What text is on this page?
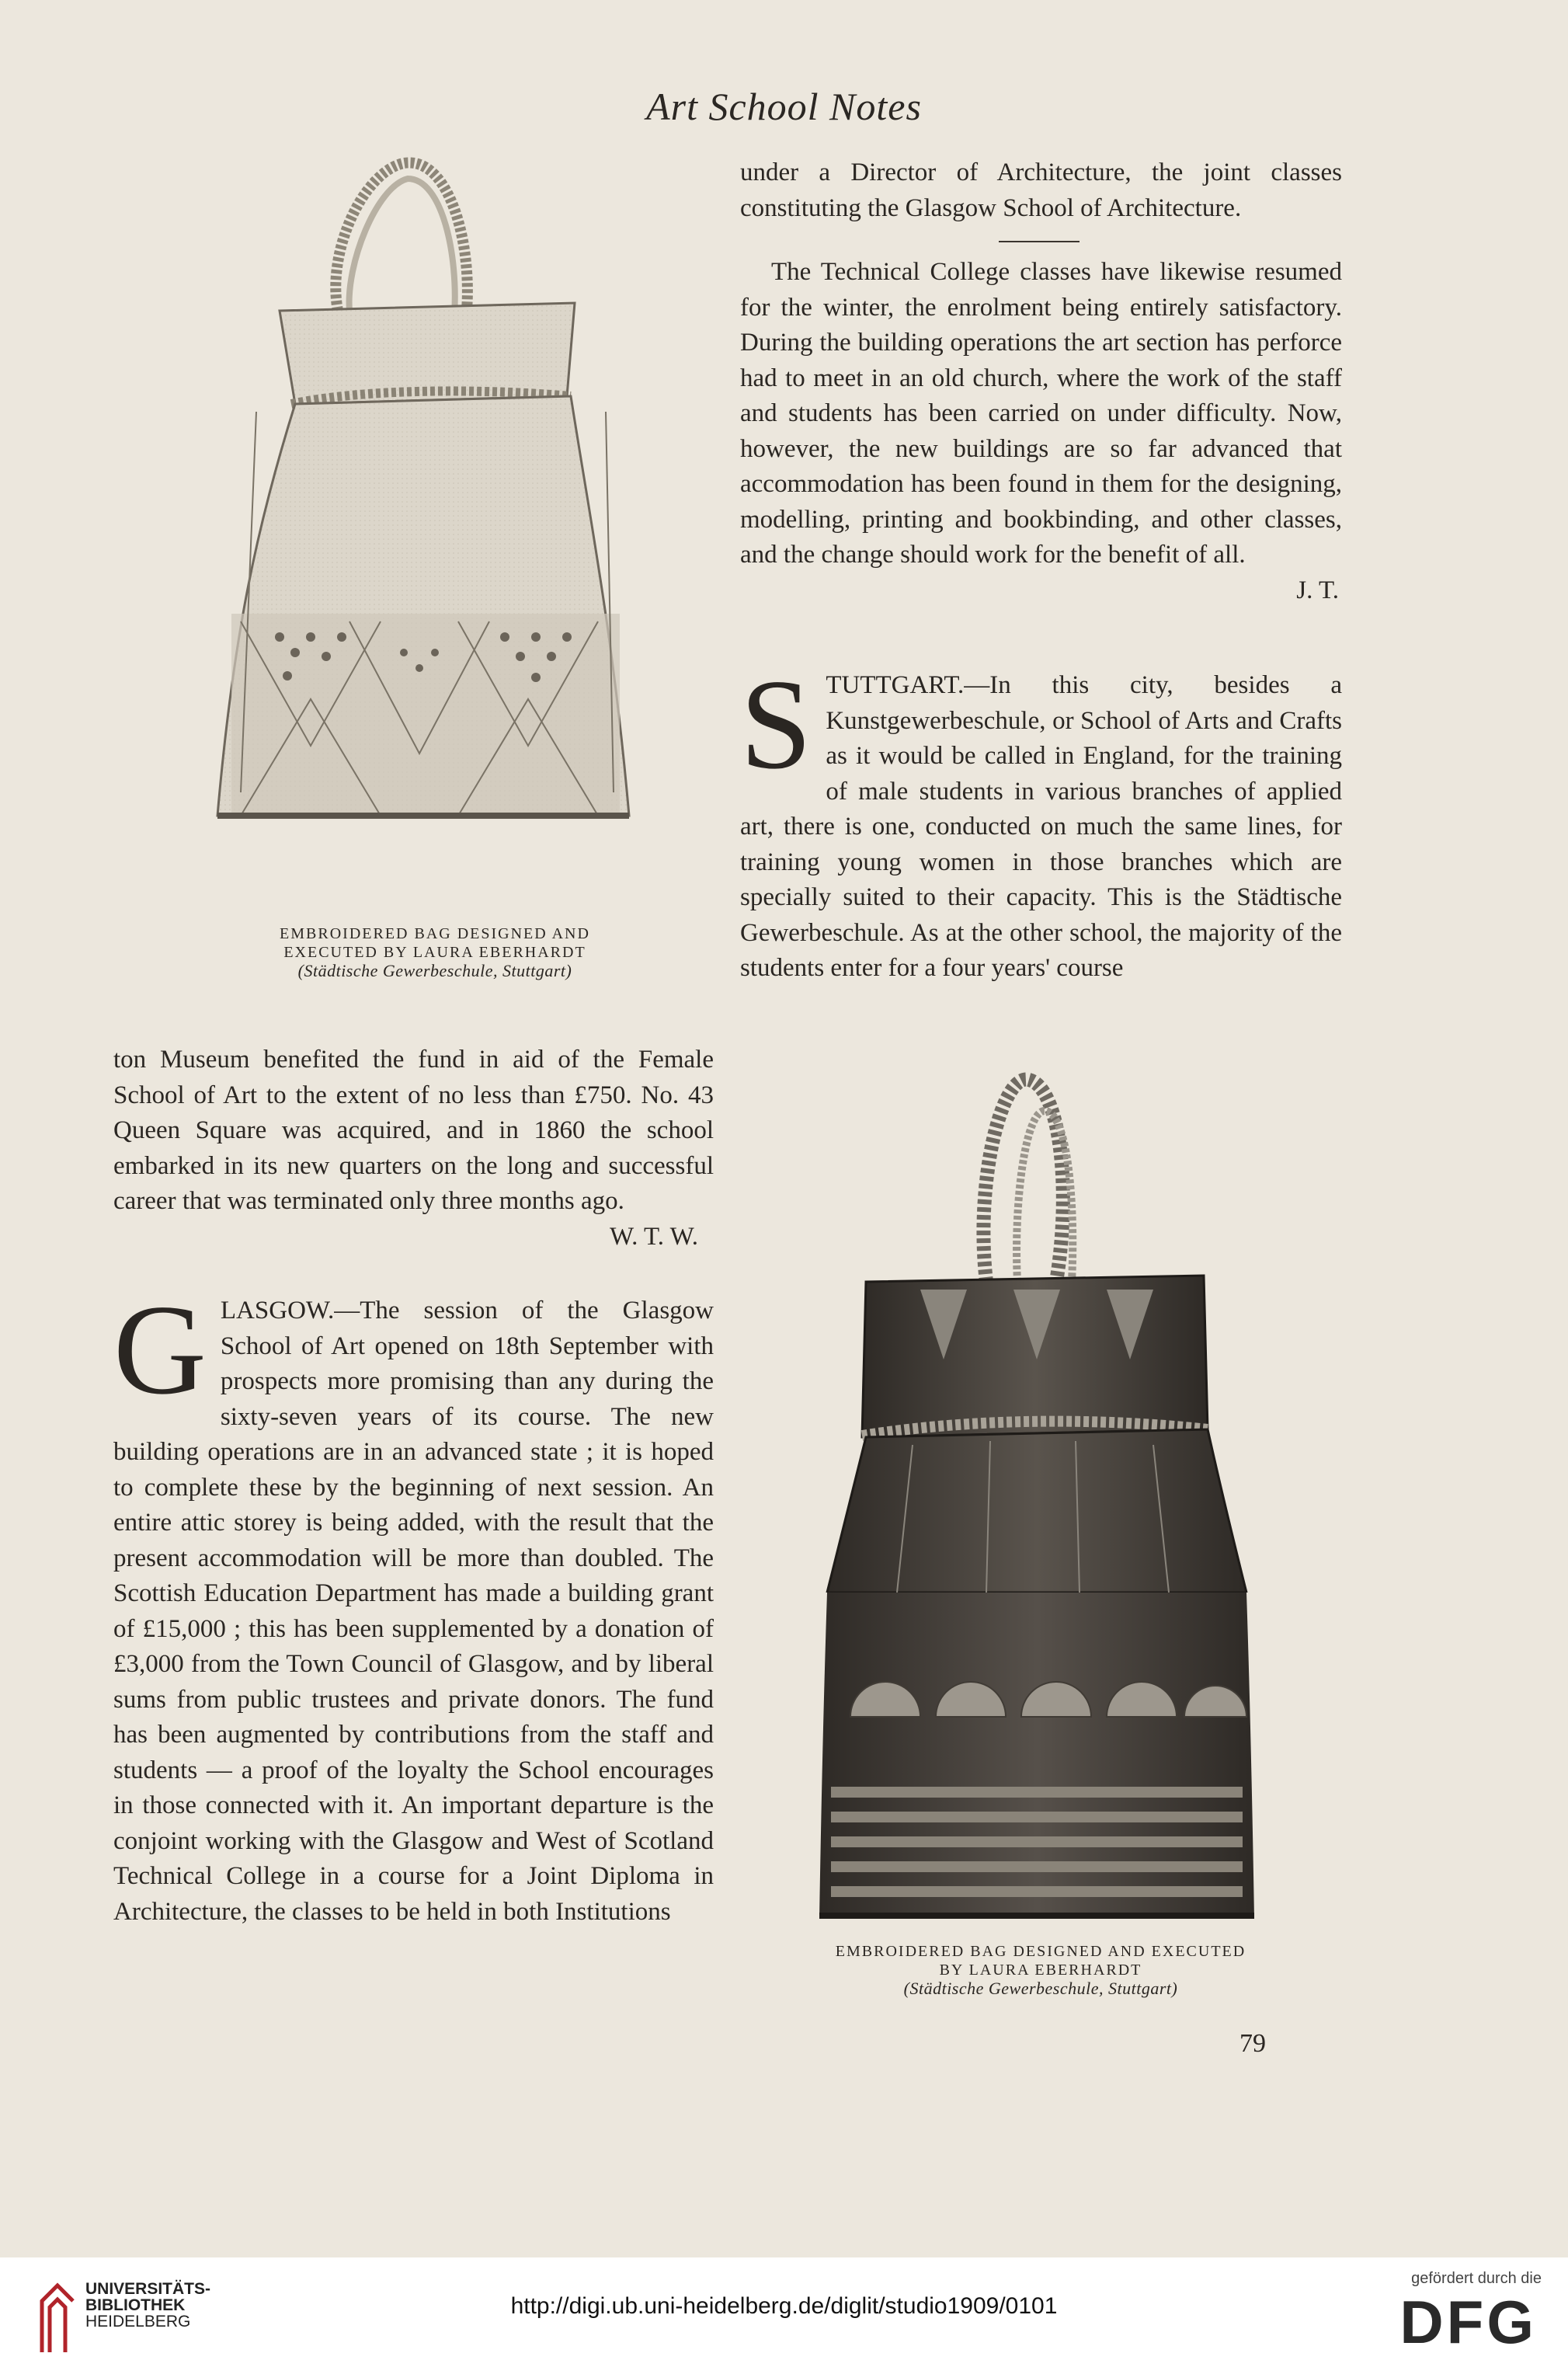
Art School Notes
EMBROIDERED BAG DESIGNED AND
EXECUTED BY LAURA EBERHARDT
(Städtische Gewerbeschule, Stuttgart)

under a Director of Architecture, the joint classes constituting the Glasgow School of Architecture.

The Technical College classes have likewise resumed for the winter, the enrolment being entirely satisfactory. During the building operations the art section has perforce had to meet in an old church, where the work of the staff and students has been carried on under difficulty. Now, however, the new buildings are so far advanced that accommodation has been found in them for the designing, modelling, printing and bookbinding, and other classes, and the change should work for the benefit of all.

J. T.

STUTTGART.—In this city, besides a Kunstgewerbeschule, or School of Arts and Crafts as it would be called in England, for the training of male students in various branches of applied art, there is one, conducted on much the same lines, for training young women in those branches which are specially suited to their capacity. This is the Städtische Gewerbeschule. As at the other school, the majority of the students enter for a four years' course

ton Museum benefited the fund in aid of the Female School of Art to the extent of no less than £750. No. 43 Queen Square was acquired, and in 1860 the school embarked in its new quarters on the long and successful career that was terminated only three months ago.

W. T. W.

GLASGOW.—The session of the Glasgow School of Art opened on 18th September with prospects more promising than any during the sixty-seven years of its course. The new building operations are in an advanced state ; it is hoped to complete these by the beginning of next session. An entire attic storey is being added, with the result that the present accommodation will be more than doubled. The Scottish Education Department has made a building grant of £15,000 ; this has been supplemented by a donation of £3,000 from the Town Council of Glasgow, and by liberal sums from public trustees and private donors. The fund has been augmented by contributions from the staff and students — a proof of the loyalty the School encourages in those connected with it. An important departure is the conjoint working with the Glasgow and West of Scotland Technical College in a course for a Joint Diploma in Architecture, the classes to be held in both Institutions

EMBROIDERED BAG DESIGNED AND EXECUTED
BY LAURA EBERHARDT
(Städtische Gewerbeschule, Stuttgart)
79
UNIVERSITÄTS-
BIBLIOTHEK
HEIDELBERG
http://digi.ub.uni-heidelberg.de/diglit/studio1909/0101
gefördert durch die
DFG
